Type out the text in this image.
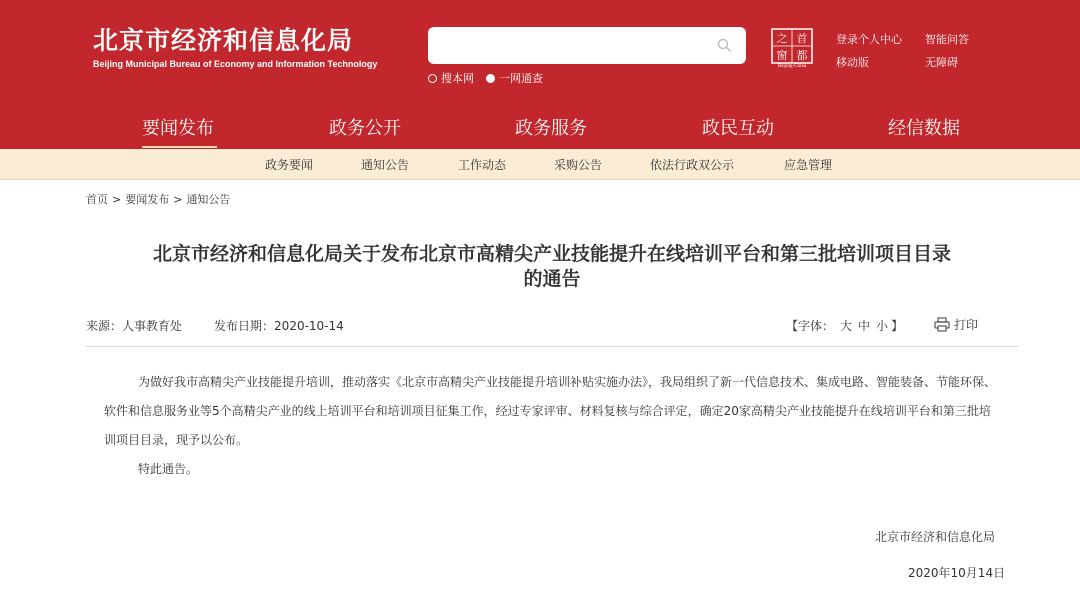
北京市经济和信息化局
Beijing Municipal Bureau of Economy and Information Technology
搜本网 一网通查
首
都
之
窗
Beijing-China
登录个人中心 智能问答
移动版	无障碍
要闻发布	政务公开	政务服务	政民互动	经信数据
政务要闻	通知公告	工作动态	采购公告	依法行政双公示	应急管理
首页 > 要闻发布 > 通知公告
北京市经济和信息化局关于发布北京市高精尖产业技能提升在线培训平台和第三批培训项目目录
的通告
来源：人事教育处	发布日期：2020-10-14	【字体： 大 中 小 】	打印
为做好我市高精尖产业技能提升培训，推动落实《北京市高精尖产业技能提升培训补贴实施办法》，我局组织了新一代信息技术、集成电路、智能装备、节能环保、软件和信息服务业等5个高精尖产业的线上培训平台和培训项目征集工作，经过专家评审、材料复核与综合评定，确定20家高精尖产业技能提升在线培训平台和第三批培训项目目录，现予以公布。
特此通告。
北京市经济和信息化局
2020年10月14日
